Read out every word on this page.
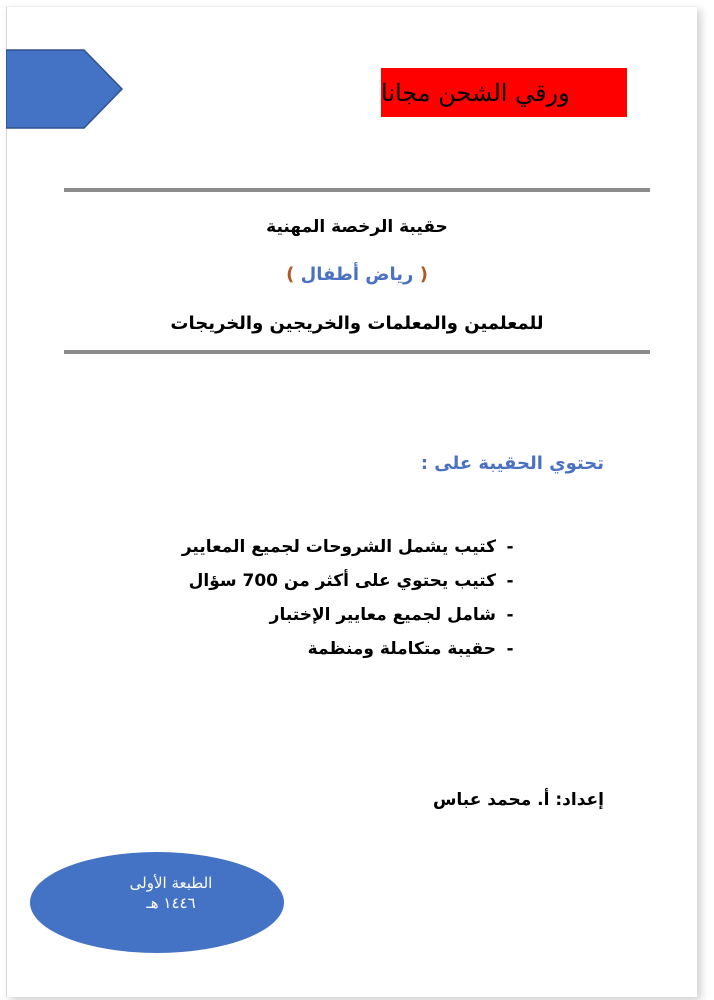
ورقي الشحن مجانا
حقيبة الرخصة المهنية
( رياض أطفال )
للمعلمين والمعلمات والخريجين والخريجات
تحتوي الحقيبة على :
-كتيب يشمل الشروحات لجميع المعايير
-كتيب يحتوي على أكثر من 700 سؤال
-شامل لجميع معايير الإختبار
-حقيبة متكاملة ومنظمة
إعداد: أ. محمد عباس
الطبعة الأولى
١٤٤٦ هـ
